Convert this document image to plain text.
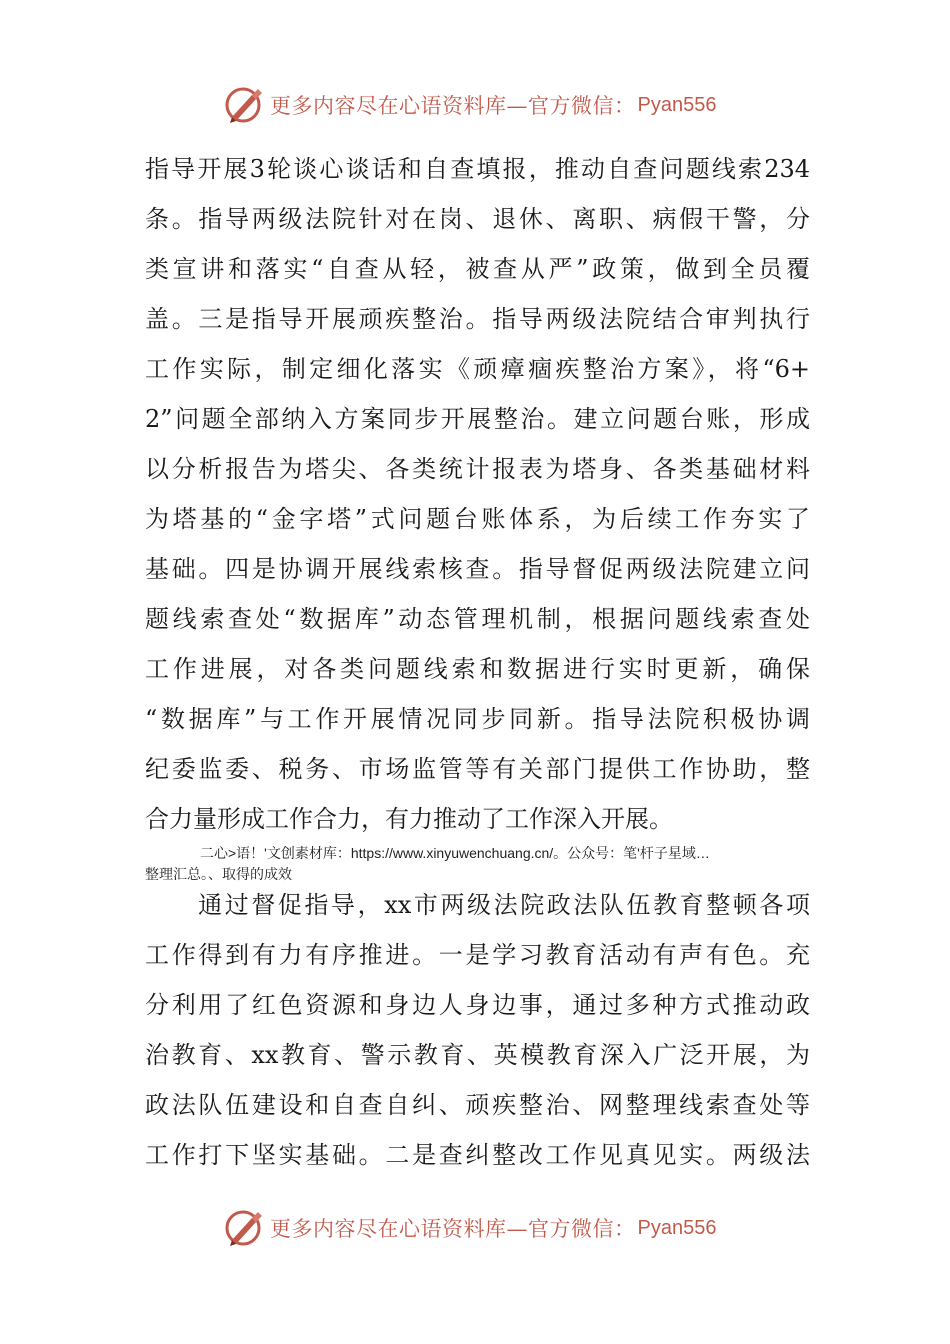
更多内容尽在心语资料库—官方微信： Pyan556
指导开展3轮谈心谈话和自查填报，推动自查问题线索234
条。指导两级法院针对在岗、退休、离职、病假干警，分
类宣讲和落实“自查从轻，被查从严”政策，做到全员覆
盖。三是指导开展顽疾整治。指导两级法院结合审判执行
工作实际，制定细化落实《顽瘴痼疾整治方案》，将“6+
2”问题全部纳入方案同步开展整治。建立问题台账，形成
以分析报告为塔尖、各类统计报表为塔身、各类基础材料
为塔基的“金字塔”式问题台账体系，为后续工作夯实了
基础。四是协调开展线索核查。指导督促两级法院建立问
题线索查处“数据库”动态管理机制，根据问题线索查处
工作进展，对各类问题线索和数据进行实时更新，确保
“数据库”与工作开展情况同步同新。指导法院积极协调
纪委监委、税务、市场监管等有关部门提供工作协助，整
合力量形成工作合力，有力推动了工作深入开展。
二心>语！'文创素材库：https://www.xinyuwenchuang.cn/。公众号：笔'杆子星域…
整理汇总。、取得的成效
　　通过督促指导，xx市两级法院政法队伍教育整顿各项
工作得到有力有序推进。一是学习教育活动有声有色。充
分利用了红色资源和身边人身边事，通过多种方式推动政
治教育、xx教育、警示教育、英模教育深入广泛开展，为
政法队伍建设和自查自纠、顽疾整治、网整理线索查处等
工作打下坚实基础。二是查纠整改工作见真见实。两级法
更多内容尽在心语资料库—官方微信： Pyan556
